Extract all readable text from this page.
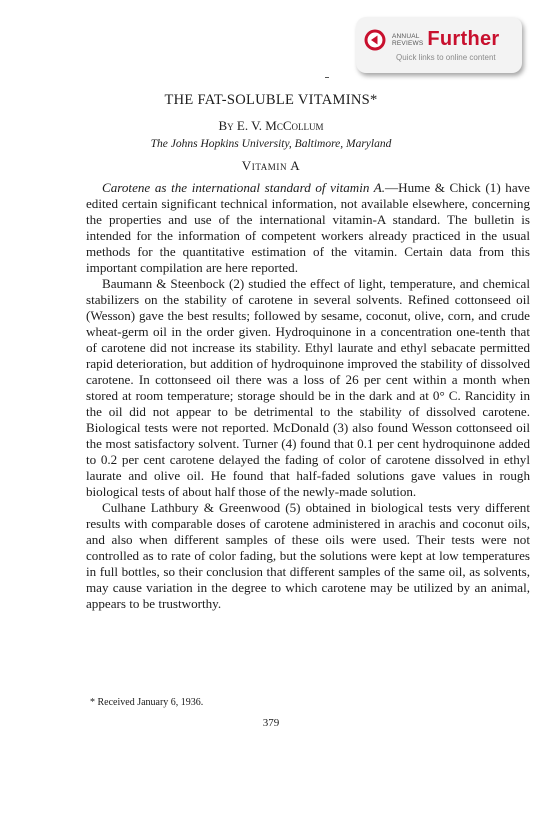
ANNUAL
REVIEWS Further
Quick links to online content
THE FAT-SOLUBLE VITAMINS*
By E. V. McCollum
The Johns Hopkins University, Baltimore, Maryland
Vitamin A

Carotene as the international standard of vitamin A.—Hume & Chick (1) have edited certain significant technical information, not available elsewhere, concerning the properties and use of the international vitamin-A standard. The bulletin is intended for the information of competent workers already practiced in the usual methods for the quantitative estimation of the vitamin. Certain data from this important compilation are here reported.

Baumann & Steenbock (2) studied the effect of light, temperature, and chemical stabilizers on the stability of carotene in several solvents. Refined cottonseed oil (Wesson) gave the best results; followed by sesame, coconut, olive, corn, and crude wheat-germ oil in the order given. Hydroquinone in a concentration one-tenth that of carotene did not increase its stability. Ethyl laurate and ethyl sebacate permitted rapid deterioration, but addition of hydroquinone improved the stability of dissolved carotene. In cottonseed oil there was a loss of 26 per cent within a month when stored at room temperature; storage should be in the dark and at 0° C. Rancidity in the oil did not appear to be detrimental to the stability of dissolved carotene. Biological tests were not reported. McDonald (3) also found Wesson cottonseed oil the most satisfactory solvent. Turner (4) found that 0.1 per cent hydroquinone added to 0.2 per cent carotene delayed the fading of color of carotene dissolved in ethyl laurate and olive oil. He found that half-faded solutions gave values in rough biological tests of about half those of the newly-made solution.

Culhane Lathbury & Greenwood (5) obtained in biological tests very different results with comparable doses of carotene administered in arachis and coconut oils, and also when different samples of these oils were used. Their tests were not controlled as to rate of color fading, but the solutions were kept at low temperatures in full bottles, so their conclusion that different samples of the same oil, as solvents, may cause variation in the degree to which carotene may be utilized by an animal, appears to be trustworthy.

* Received January 6, 1936.
379
